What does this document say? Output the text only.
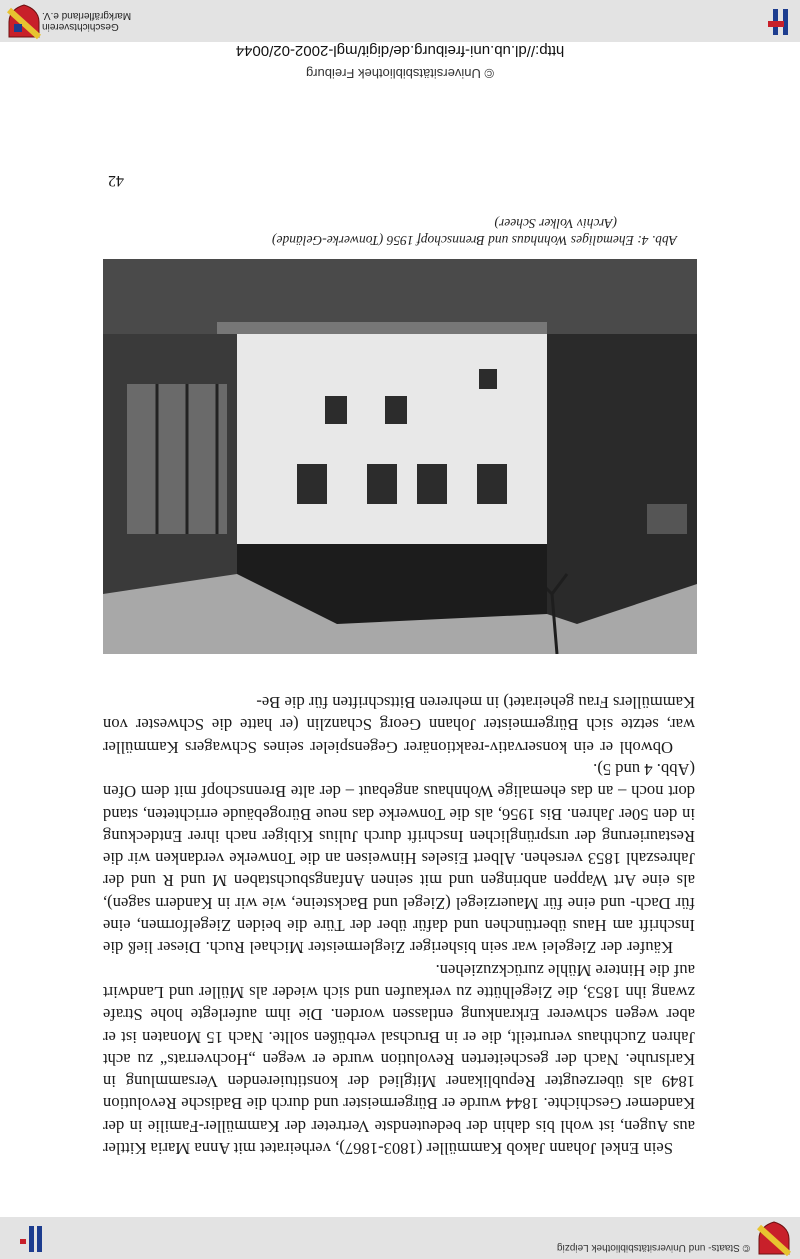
© Staats- und Universitätsbibliothek Leipzig
Geschichtsverein Markgräflerland e.V.

Sein Enkel Johann Jakob Kammüller (1803-1867), verheiratet mit Anna Maria Kittler aus Augen, ist wohl bis dahin der bedeutendste Vertreter der Kammüller-Familie in der Kandemer Geschichte. 1844 wurde er Bürgermeister und durch die Badische Revolution 1849 als überzeugter Republikaner Mitglied der konstituierenden Versammlung in Karlsruhe. Nach der gescheiterten Revolution wurde er wegen „Hochverrats“ zu acht Jahren Zuchthaus verurteilt, die er in Bruchsal verbüßen sollte. Nach 15 Monaten ist er aber wegen schwerer Erkrankung entlassen worden. Die ihm auferlegte hohe Strafe zwang ihn 1853, die Ziegelhütte zu verkaufen und sich wieder als Müller und Landwirt auf die Hintere Mühle zurückzuziehen.

Käufer der Ziegelei war sein bisheriger Zieglermeister Michael Ruch. Dieser ließ die Inschrift am Haus übertünchen und dafür über der Türe die beiden Ziegelformen, eine für Dach- und eine für Mauerziegel (Ziegel und Backsteine, wie wir in Kandern sagen), als eine Art Wappen anbringen und mit seinen Anfangsbuchstaben M und R und der Jahreszahl 1853 versehen. Albert Eiseles Hinweisen an die Tonwerke verdanken wir die Restaurierung der ursprünglichen Inschrift durch Julius Kibiger nach ihrer Entdeckung in den 50er Jahren. Bis 1956, als die Tonwerke das neue Bürogebäude errichteten, stand dort noch – an das ehemalige Wohnhaus angebaut – der alte Brennschopf mit dem Ofen (Abb. 4 und 5).

Obwohl er ein konservativ-reaktionärer Gegenspieler seines Schwagers Kammüller war, setzte sich Bürgermeister Johann Georg Schanzlin (er hatte die Schwester von Kammüllers Frau geheiratet) in mehreren Bittschriften für die Be-

Abb. 4: Ehemaliges Wohnhaus und Brennschopf 1956 (Tonwerke-Gelände)
(Archiv Volker Scheer)
42
© Universitätsbibliothek Freiburg
http://dl.ub.uni-freiburg.de/digit/mgl-2002-02/0044
